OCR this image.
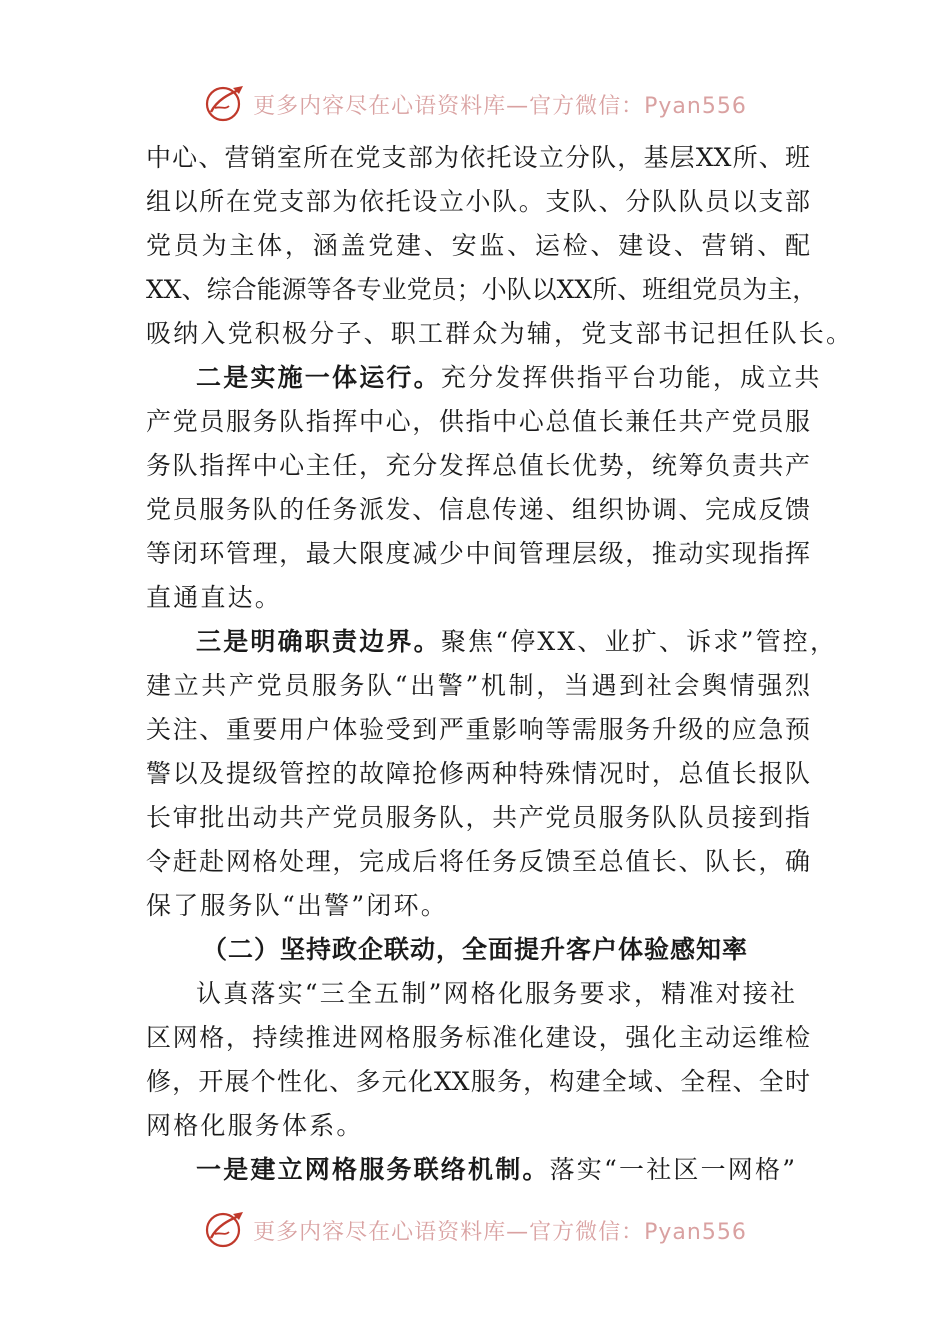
更多内容尽在心语资料库—官方微信：Pyan556
中心、营销室所在党支部为依托设立分队，基层XX所、班
组以所在党支部为依托设立小队。支队、分队队员以支部
党员为主体，涵盖党建、安监、运检、建设、营销、配
XX、综合能源等各专业党员；小队以XX所、班组党员为主，
吸纳入党积极分子、职工群众为辅，党支部书记担任队长。
二是实施一体运行。充分发挥供指平台功能，成立共
产党员服务队指挥中心，供指中心总值长兼任共产党员服
务队指挥中心主任，充分发挥总值长优势，统筹负责共产
党员服务队的任务派发、信息传递、组织协调、完成反馈
等闭环管理，最大限度减少中间管理层级，推动实现指挥
直通直达。
三是明确职责边界。聚焦“停XX、业扩、诉求”管控，
建立共产党员服务队“出警”机制，当遇到社会舆情强烈
关注、重要用户体验受到严重影响等需服务升级的应急预
警以及提级管控的故障抢修两种特殊情况时，总值长报队
长审批出动共产党员服务队，共产党员服务队队员接到指
令赶赴网格处理，完成后将任务反馈至总值长、队长，确
保了服务队“出警”闭环。
（二）坚持政企联动，全面提升客户体验感知率
认真落实“三全五制”网格化服务要求，精准对接社
区网格，持续推进网格服务标准化建设，强化主动运维检
修，开展个性化、多元化XX服务，构建全域、全程、全时
网格化服务体系。
一是建立网格服务联络机制。落实“一社区一网格”
更多内容尽在心语资料库—官方微信：Pyan556
